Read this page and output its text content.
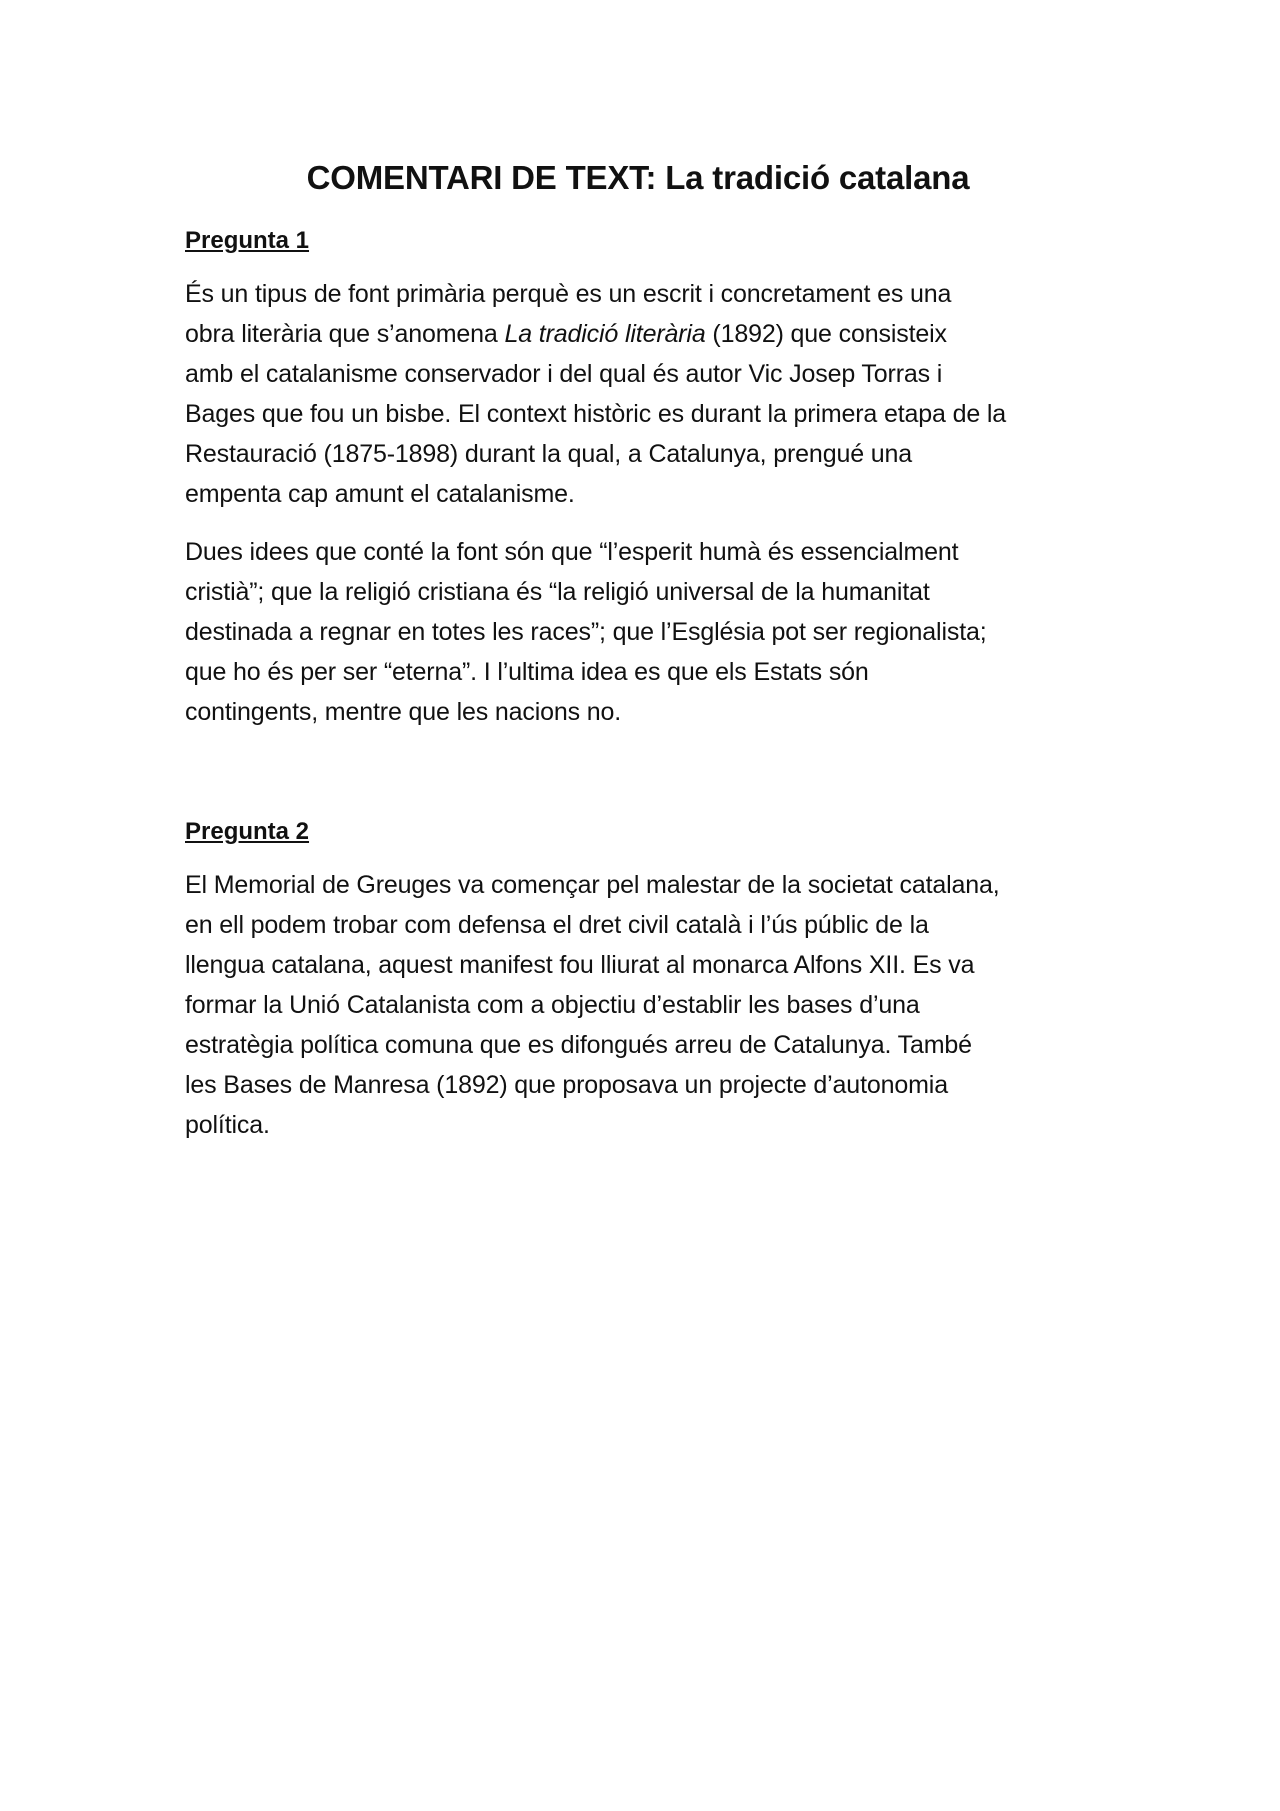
COMENTARI DE TEXT: La tradició catalana
Pregunta 1

És un tipus de font primària perquè es un escrit i concretament es una
obra literària que s’anomena La tradició literària (1892) que consisteix
amb el catalanisme conservador i del qual és autor Vic Josep Torras i
Bages que fou un bisbe. El context històric es durant la primera etapa de la
Restauració (1875-1898) durant la qual, a Catalunya, prengué una
empenta cap amunt el catalanisme.

Dues idees que conté la font són que “l’esperit humà és essencialment
cristià”; que la religió cristiana és “la religió universal de la humanitat
destinada a regnar en totes les races”; que l’Església pot ser regionalista;
que ho és per ser “eterna”. I l’ultima idea es que els Estats són
contingents, mentre que les nacions no.

Pregunta 2

El Memorial de Greuges va començar pel malestar de la societat catalana,
en ell podem trobar com defensa el dret civil català i l’ús públic de la
llengua catalana, aquest manifest fou lliurat al monarca Alfons XII. Es va
formar la Unió Catalanista com a objectiu d’establir les bases d’una
estratègia política comuna que es difongués arreu de Catalunya. També
les Bases de Manresa (1892) que proposava un projecte d’autonomia
política.
